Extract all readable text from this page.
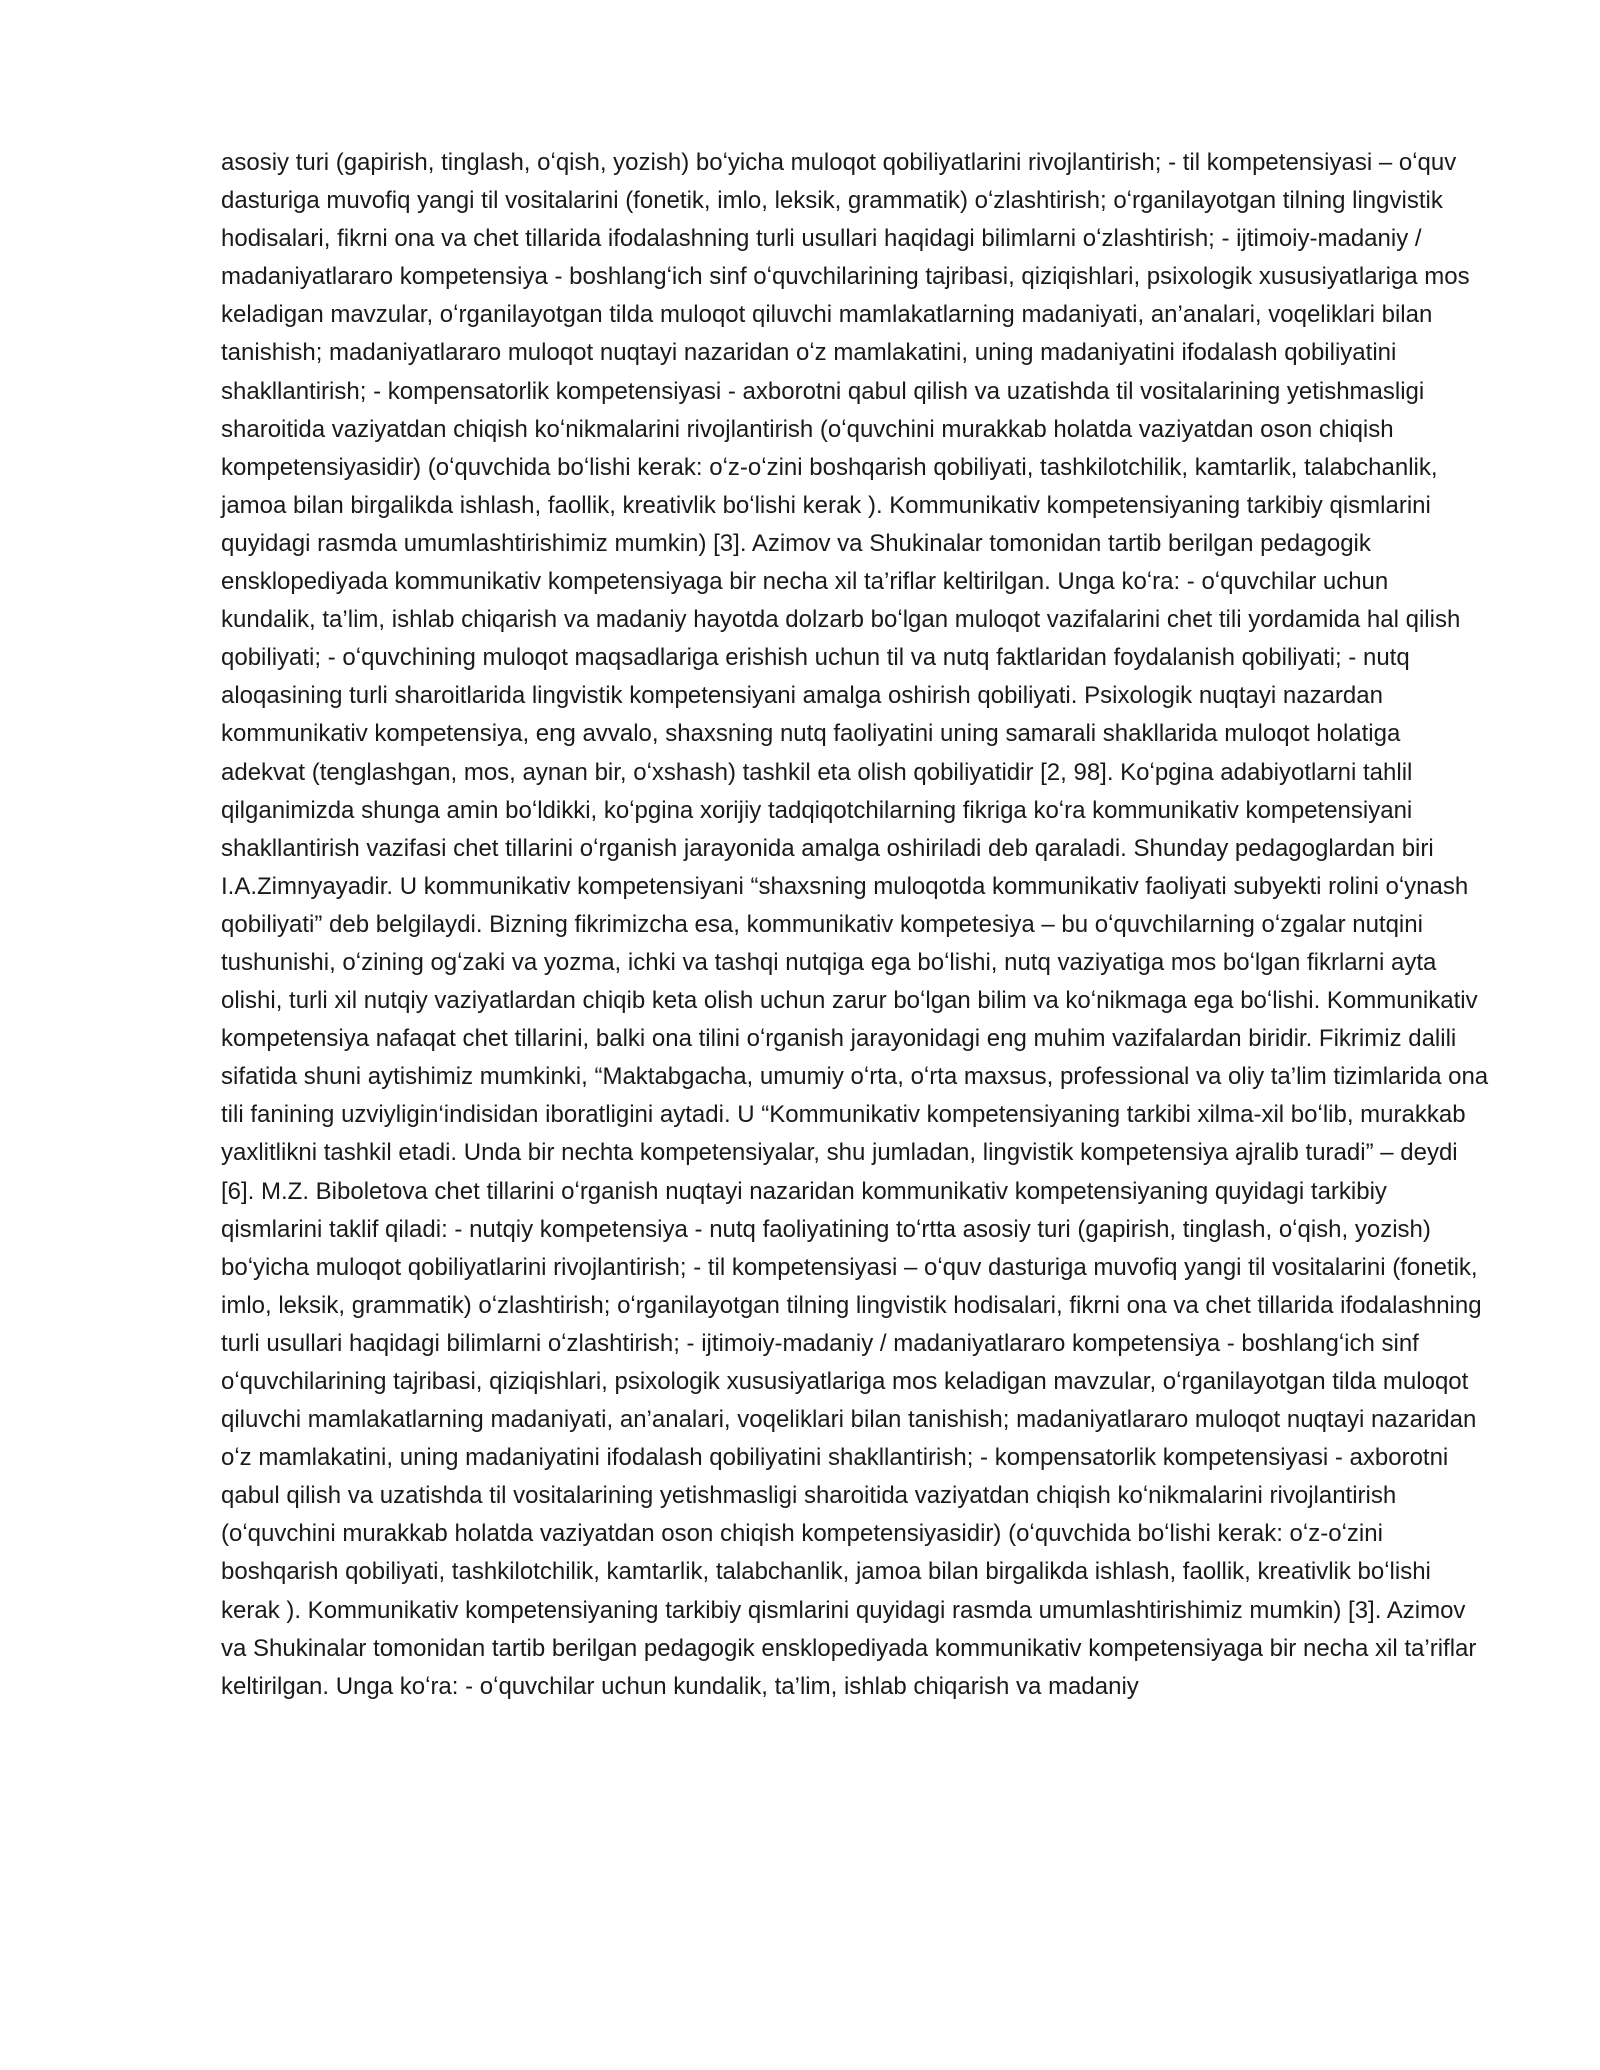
asosiy turi (gapirish, tinglash, oʻqish, yozish) boʻyicha muloqot qobiliyatlarini rivojlantirish; - til kompetensiyasi – oʻquv dasturiga muvofiq yangi til vositalarini (fonetik, imlo, leksik, grammatik) oʻzlashtirish; oʻrganilayotgan tilning lingvistik hodisalari, fikrni ona va chet tillarida ifodalashning turli usullari haqidagi bilimlarni oʻzlashtirish; - ijtimoiy-madaniy / madaniyatlararo kompetensiya - boshlangʻich sinf oʻquvchilarining tajribasi, qiziqishlari, psixologik xususiyatlariga mos keladigan mavzular, oʻrganilayotgan tilda muloqot qiluvchi mamlakatlarning madaniyati, an’analari, voqeliklari bilan tanishish; madaniyatlararo muloqot nuqtayi nazaridan oʻz mamlakatini, uning madaniyatini ifodalash qobiliyatini shakllantirish; - kompensatorlik kompetensiyasi - axborotni qabul qilish va uzatishda til vositalarining yetishmasligi sharoitida vaziyatdan chiqish koʻnikmalarini rivojlantirish (oʻquvchini murakkab holatda vaziyatdan oson chiqish kompetensiyasidir) (oʻquvchida boʻlishi kerak: oʻz-oʻzini boshqarish qobiliyati, tashkilotchilik, kamtarlik, talabchanlik, jamoa bilan birgalikda ishlash, faollik, kreativlik boʻlishi kerak ). Kommunikativ kompetensiyaning tarkibiy qismlarini quyidagi rasmda umumlashtirishimiz mumkin) [3]. Azimov va Shukinalar tomonidan tartib berilgan pedagogik ensklopediyada kommunikativ kompetensiyaga bir necha xil ta’riflar keltirilgan. Unga koʻra: - oʻquvchilar uchun kundalik, ta’lim, ishlab chiqarish va madaniy hayotda dolzarb boʻlgan muloqot vazifalarini chet tili yordamida hal qilish qobiliyati; - oʻquvchining muloqot maqsadlariga erishish uchun til va nutq faktlaridan foydalanish qobiliyati; - nutq aloqasining turli sharoitlarida lingvistik kompetensiyani amalga oshirish qobiliyati. Psixologik nuqtayi nazardan kommunikativ kompetensiya, eng avvalo, shaxsning nutq faoliyatini uning samarali shakllarida muloqot holatiga adekvat (tenglashgan, mos, aynan bir, oʻxshash) tashkil eta olish qobiliyatidir [2, 98]. Koʻpgina adabiyotlarni tahlil qilganimizda shunga amin boʻldikki, koʻpgina xorijiy tadqiqotchilarning fikriga koʻra kommunikativ kompetensiyani shakllantirish vazifasi chet tillarini oʻrganish jarayonida amalga oshiriladi deb qaraladi. Shunday pedagoglardan biri I.A.Zimnyayadir. U kommunikativ kompetensiyani “shaxsning muloqotda kommunikativ faoliyati subyekti rolini oʻynash qobiliyati” deb belgilaydi. Bizning fikrimizcha esa, kommunikativ kompetesiya – bu oʻquvchilarning oʻzgalar nutqini tushunishi, oʻzining ogʻzaki va yozma, ichki va tashqi nutqiga ega boʻlishi, nutq vaziyatiga mos boʻlgan fikrlarni ayta olishi, turli xil nutqiy vaziyatlardan chiqib keta olish uchun zarur boʻlgan bilim va koʻnikmaga ega boʻlishi. Kommunikativ kompetensiya nafaqat chet tillarini, balki ona tilini oʻrganish jarayonidagi eng muhim vazifalardan biridir. Fikrimiz dalili sifatida shuni aytishimiz mumkinki, “Maktabgacha, umumiy oʻrta, oʻrta maxsus, professional va oliy ta’lim tizimlarida ona tili fanining uzviyligin‘indisidan iboratligini aytadi. U “Kommunikativ kompetensiyaning tarkibi xilma-xil boʻlib, murakkab yaxlitlikni tashkil etadi. Unda bir nechta kompetensiyalar, shu jumladan, lingvistik kompetensiya ajralib turadi” – deydi [6]. M.Z. Biboletova chet tillarini oʻrganish nuqtayi nazaridan kommunikativ kompetensiyaning quyidagi tarkibiy qismlarini taklif qiladi: - nutqiy kompetensiya - nutq faoliyatining toʻrtta asosiy turi (gapirish, tinglash, oʻqish, yozish) boʻyicha muloqot qobiliyatlarini rivojlantirish; - til kompetensiyasi – oʻquv dasturiga muvofiq yangi til vositalarini (fonetik, imlo, leksik, grammatik) oʻzlashtirish; oʻrganilayotgan tilning lingvistik hodisalari, fikrni ona va chet tillarida ifodalashning turli usullari haqidagi bilimlarni oʻzlashtirish; - ijtimoiy-madaniy / madaniyatlararo kompetensiya - boshlangʻich sinf oʻquvchilarining tajribasi, qiziqishlari, psixologik xususiyatlariga mos keladigan mavzular, oʻrganilayotgan tilda muloqot qiluvchi mamlakatlarning madaniyati, an’analari, voqeliklari bilan tanishish; madaniyatlararo muloqot nuqtayi nazaridan oʻz mamlakatini, uning madaniyatini ifodalash qobiliyatini shakllantirish; - kompensatorlik kompetensiyasi - axborotni qabul qilish va uzatishda til vositalarining yetishmasligi sharoitida vaziyatdan chiqish koʻnikmalarini rivojlantirish (oʻquvchini murakkab holatda vaziyatdan oson chiqish kompetensiyasidir) (oʻquvchida boʻlishi kerak: oʻz-oʻzini boshqarish qobiliyati, tashkilotchilik, kamtarlik, talabchanlik, jamoa bilan birgalikda ishlash, faollik, kreativlik boʻlishi kerak ). Kommunikativ kompetensiyaning tarkibiy qismlarini quyidagi rasmda umumlashtirishimiz mumkin) [3]. Azimov va Shukinalar tomonidan tartib berilgan pedagogik ensklopediyada kommunikativ kompetensiyaga bir necha xil ta’riflar keltirilgan. Unga koʻra: - oʻquvchilar uchun kundalik, ta’lim, ishlab chiqarish va madaniy
